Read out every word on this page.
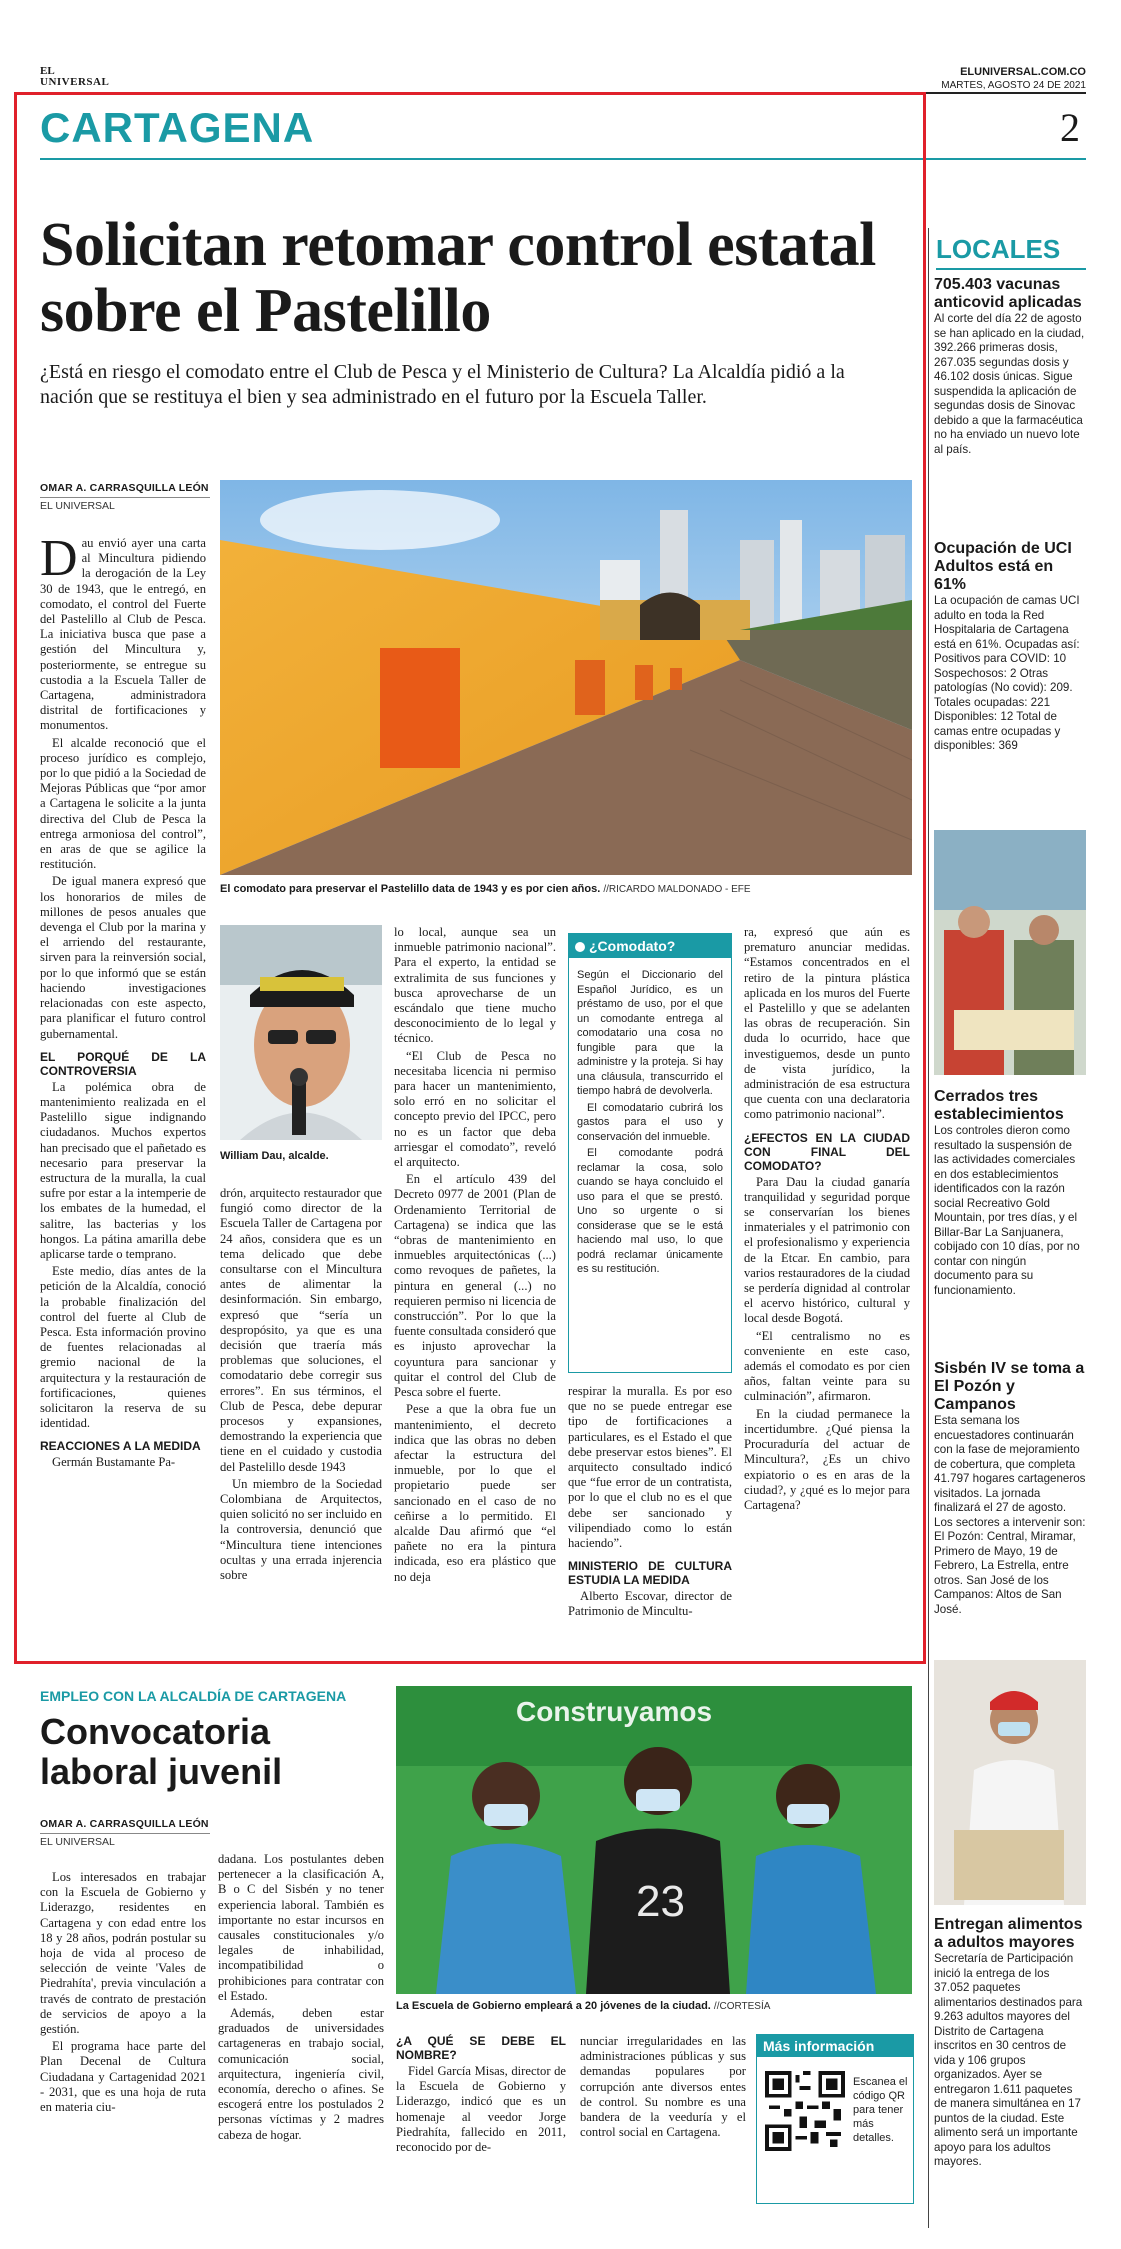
EL
UNIVERSAL
ELUNIVERSAL.COM.CO
MARTES, AGOSTO 24 DE 2021
CARTAGENA	2
Solicitan retomar control estatal sobre el Pastelillo
¿Está en riesgo el comodato entre el Club de Pesca y el Ministerio de Cultura? La Alcaldía pidió a la nación que se restituya el bien y sea administrado en el futuro por la Escuela Taller.
OMAR A. CARRASQUILLA LEÓN
EL UNIVERSAL
El comodato para preservar el Pastelillo data de 1943 y es por cien años. //RICARDO MALDONADO - EFE

Dau envió ayer una carta al Mincultura pidiendo la derogación de la Ley 30 de 1943, que le entregó, en comodato, el control del Fuerte del Pastelillo al Club de Pesca. La iniciativa busca que pase a gestión del Mincultura y, posteriormente, se entregue su custodia a la Escuela Taller de Cartagena, administradora distrital de fortificaciones y monumentos.

El alcalde reconoció que el proceso jurídico es complejo, por lo que pidió a la Sociedad de Mejoras Públicas que “por amor a Cartagena le solicite a la junta directiva del Club de Pesca la entrega armoniosa del control”, en aras de que se agilice la restitución.

De igual manera expresó que los honorarios de miles de millones de pesos anuales que devenga el Club por la marina y el arriendo del restaurante, sirven para la reinversión social, por lo que informó que se están haciendo investigaciones relacionadas con este aspecto, para planificar el futuro control gubernamental.

EL PORQUÉ DE LA CONTROVERSIA

La polémica obra de mantenimiento realizada en el Pastelillo sigue indignando ciudadanos. Muchos expertos han precisado que el pañetado es necesario para preservar la estructura de la muralla, la cual sufre por estar a la intemperie de los embates de la humedad, el salitre, las bacterias y los hongos. La pátina amarilla debe aplicarse tarde o temprano.

Este medio, días antes de la petición de la Alcaldía, conoció la probable finalización del control del fuerte al Club de Pesca. Esta información provino de fuentes relacionadas al gremio nacional de la arquitectura y la restauración de fortificaciones, quienes solicitaron la reserva de su identidad.

REACCIONES A LA MEDIDA

Germán Bustamante Pa-

William Dau, alcalde.

drón, arquitecto restaurador que fungió como director de la Escuela Taller de Cartagena por 24 años, considera que es un tema delicado que debe consultarse con el Mincultura antes de alimentar la desinformación. Sin embargo, expresó que “sería un despropósito, ya que es una decisión que traería más problemas que soluciones, el comodatario debe corregir sus errores”. En sus términos, el Club de Pesca, debe depurar procesos y expansiones, demostrando la experiencia que tiene en el cuidado y custodia del Pastelillo desde 1943

Un miembro de la Sociedad Colombiana de Arquitectos, quien solicitó no ser incluido en la controversia, denunció que “Mincultura tiene intenciones ocultas y una errada injerencia sobre

lo local, aunque sea un inmueble patrimonio nacional”. Para el experto, la entidad se extralimita de sus funciones y busca aprovecharse de un escándalo que tiene mucho desconocimiento de lo legal y técnico.

“El Club de Pesca no necesitaba licencia ni permiso para hacer un mantenimiento, solo erró en no solicitar el concepto previo del IPCC, pero no es un factor que deba arriesgar el comodato”, reveló el arquitecto.

En el artículo 439 del Decreto 0977 de 2001 (Plan de Ordenamiento Territorial de Cartagena) se indica que las “obras de mantenimiento en inmuebles arquitectónicas (...) como revoques de pañetes, la pintura en general (...) no requieren permiso ni licencia de construcción”. Por lo que la fuente consultada consideró que es injusto aprovechar la coyuntura para sancionar y quitar el control del Club de Pesca sobre el fuerte.

Pese a que la obra fue un mantenimiento, el decreto indica que las obras no deben afectar la estructura del inmueble, por lo que el propietario puede ser sancionado en el caso de no ceñirse a lo permitido. El alcalde Dau afirmó que “el pañete no era la pintura indicada, eso era plástico que no deja

¿Comodato?

Según el Diccionario del Español Jurídico, es un préstamo de uso, por el que un comodante entrega al comodatario una cosa no fungible para que la administre y la proteja. Si hay una cláusula, transcurrido el tiempo habrá de devolverla.

El comodatario cubrirá los gastos para el uso y conservación del inmueble.

El comodante podrá reclamar la cosa, solo cuando se haya concluido el uso para el que se prestó. Uno so urgente o si considerase que se le está haciendo mal uso, lo que podrá reclamar únicamente es su restitución.

respirar la muralla. Es por eso que no se puede entregar ese tipo de fortificaciones a particulares, es el Estado el que debe preservar estos bienes”. El arquitecto consultado indicó que “fue error de un contratista, por lo que el club no es el que debe ser sancionado y vilipendiado como lo están haciendo”.

MINISTERIO DE CULTURA ESTUDIA LA MEDIDA

Alberto Escovar, director de Patrimonio de Mincultu-

ra, expresó que aún es prematuro anunciar medidas. “Estamos concentrados en el retiro de la pintura plástica aplicada en los muros del Fuerte el Pastelillo y que se adelanten las obras de recuperación. Sin duda lo ocurrido, hace que investiguemos, desde un punto de vista jurídico, la administración de esa estructura que cuenta con una declaratoria como patrimonio nacional”.

¿EFECTOS EN LA CIUDAD CON FINAL DEL COMODATO?

Para Dau la ciudad ganaría tranquilidad y seguridad porque se conservarían los bienes inmateriales y el patrimonio con el profesionalismo y experiencia de la Etcar. En cambio, para varios restauradores de la ciudad se perdería dignidad al controlar el acervo histórico, cultural y local desde Bogotá.

“El centralismo no es conveniente en este caso, además el comodato es por cien años, faltan veinte para su culminación”, afirmaron.

En la ciudad permanece la incertidumbre. ¿Qué piensa la Procuraduría del actuar de Mincultura?, ¿Es un chivo expiatorio o es en aras de la ciudad?, y ¿qué es lo mejor para Cartagena?

LOCALES
705.403 vacunas anticovid aplicadas
Al corte del día 22 de agosto se han aplicado en la ciudad, 392.266 primeras dosis, 267.035 segundas dosis y 46.102 dosis únicas. Sigue suspendida la aplicación de segundas dosis de Sinovac debido a que la farmacéutica no ha enviado un nuevo lote al país.
Ocupación de UCI Adultos está en 61%
La ocupación de camas UCI adulto en toda la Red Hospitalaria de Cartagena está en 61%. Ocupadas así: Positivos para COVID: 10 Sospechosos: 2 Otras patologías (No covid): 209. Totales ocupadas: 221 Disponibles: 12 Total de camas entre ocupadas y disponibles: 369
Cerrados tres establecimientos
Los controles dieron como resultado la suspensión de las actividades comerciales en dos establecimientos identificados con la razón social Recreativo Gold Mountain, por tres días, y el Billar-Bar La Sanjuanera, cobijado con 10 días, por no contar con ningún documento para su funcionamiento.
Sisbén IV se toma a El Pozón y Campanos
Esta semana los encuestadores continuarán con la fase de mejoramiento de cobertura, que completa 41.797 hogares cartageneros visitados. La jornada finalizará el 27 de agosto. Los sectores a intervenir son: El Pozón: Central, Miramar, Primero de Mayo, 19 de Febrero, La Estrella, entre otros. San José de los Campanos: Altos de San José.
Entregan alimentos a adultos mayores
Secretaría de Participación inició la entrega de los 37.052 paquetes alimentarios destinados para 9.263 adultos mayores del Distrito de Cartagena inscritos en 30 centros de vida y 106 grupos organizados. Ayer se entregaron 1.611 paquetes de manera simultánea en 17 puntos de la ciudad. Este alimento será un importante apoyo para los adultos mayores.
EMPLEO CON LA ALCALDÍA DE CARTAGENA
Convocatoria laboral juvenil
OMAR A. CARRASQUILLA LEÓN
EL UNIVERSAL

Los interesados en trabajar con la Escuela de Gobierno y Liderazgo, residentes en Cartagena y con edad entre los 18 y 28 años, podrán postular su hoja de vida al proceso de selección de veinte 'Vales de Piedrahíta', previa vinculación a través de contrato de prestación de servicios de apoyo a la gestión.

El programa hace parte del Plan Decenal de Cultura Ciudadana y Cartagenidad 2021 - 2031, que es una hoja de ruta en materia ciu-

dadana. Los postulantes deben pertenecer a la clasificación A, B o C del Sisbén y no tener experiencia laboral. También es importante no estar incursos en causales constitucionales y/o legales de inhabilidad, incompatibilidad o prohibiciones para contratar con el Estado.

Además, deben estar graduados de universidades cartageneras en trabajo social, comunicación social, arquitectura, ingeniería civil, economía, derecho o afines. Se escogerá entre los postulados 2 personas víctimas y 2 madres cabeza de hogar.

23
Construyamos
La Escuela de Gobierno empleará a 20 jóvenes de la ciudad. //CORTESÍA
¿A QUÉ SE DEBE EL NOMBRE?

Fidel García Misas, director de la Escuela de Gobierno y Liderazgo, indicó que es un homenaje al veedor Jorge Piedrahíta, fallecido en 2011, reconocido por de-

nunciar irregularidades en las administraciones públicas y sus demandas populares por corrupción ante diversos entes de control. Su nombre es una bandera de la veeduría y el control social en Cartagena.

Más información
Escanea el código QR para tener más detalles.
